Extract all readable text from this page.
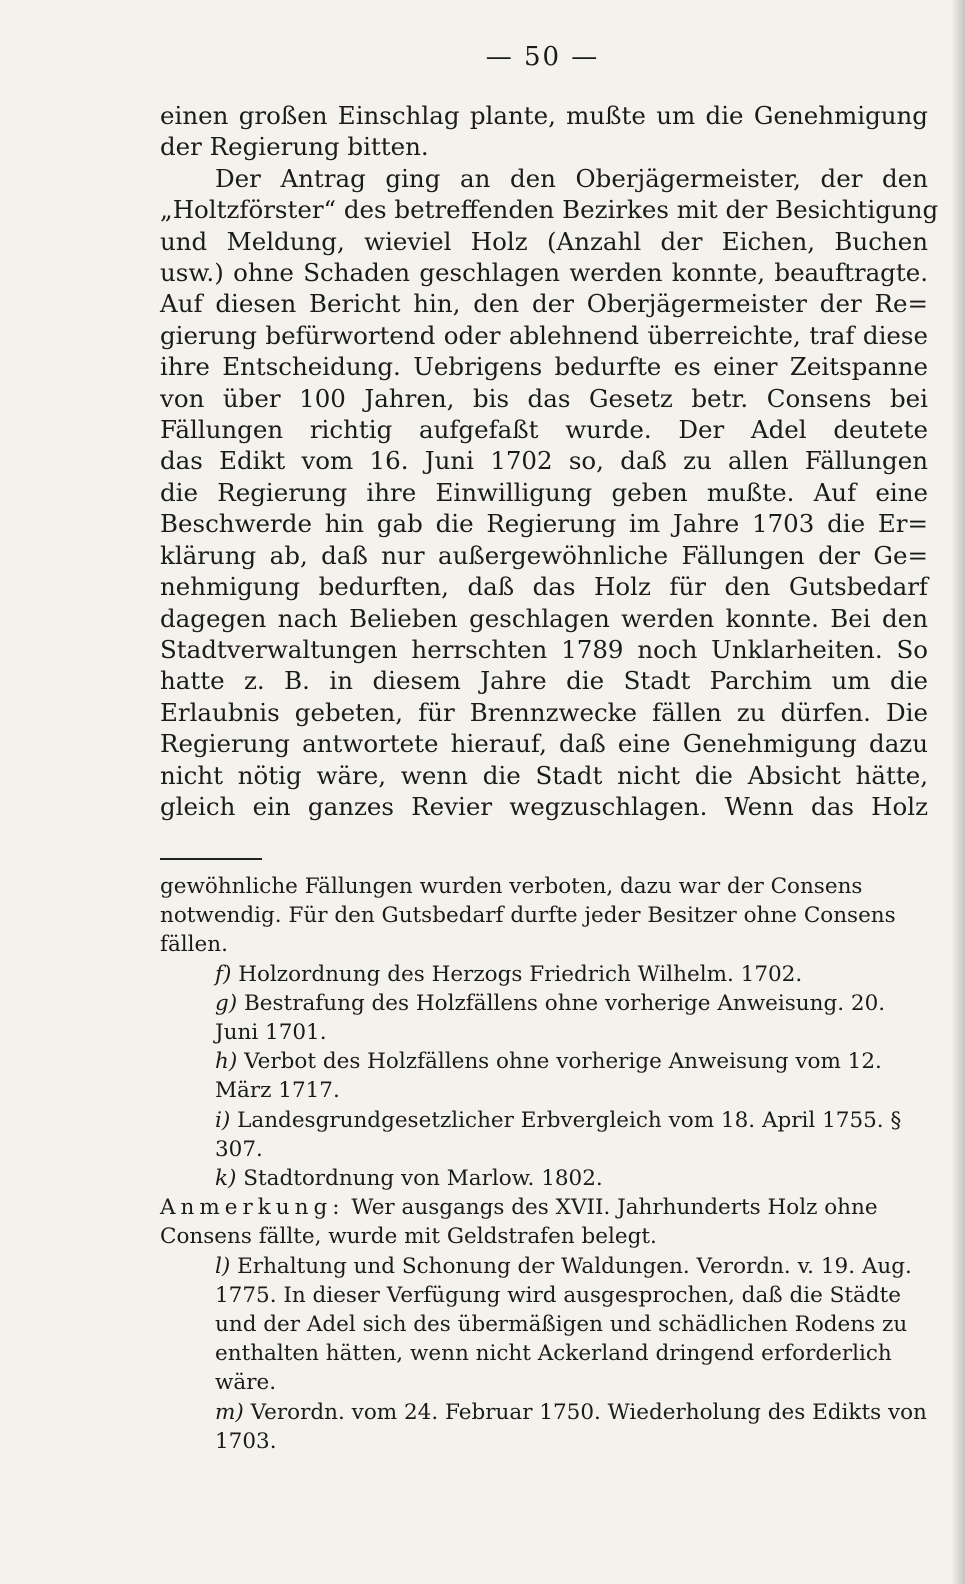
— 50 —
einen großen Einschlag plante, mußte um die Genehmigung
der Regierung bitten.
Der Antrag ging an den Oberjägermeister, der den
„Holtzförster“ des betreffenden Bezirkes mit der Besichtigung
und Meldung, wieviel Holz (Anzahl der Eichen, Buchen
usw.) ohne Schaden geschlagen werden konnte, beauftragte.
Auf diesen Bericht hin, den der Oberjägermeister der Re=
gierung befürwortend oder ablehnend überreichte, traf diese
ihre Entscheidung. Uebrigens bedurfte es einer Zeitspanne
von über 100 Jahren, bis das Gesetz betr. Consens bei
Fällungen richtig aufgefaßt wurde. Der Adel deutete
das Edikt vom 16. Juni 1702 so, daß zu allen Fällungen
die Regierung ihre Einwilligung geben mußte. Auf eine
Beschwerde hin gab die Regierung im Jahre 1703 die Er=
klärung ab, daß nur außergewöhnliche Fällungen der Ge=
nehmigung bedurften, daß das Holz für den Gutsbedarf
dagegen nach Belieben geschlagen werden konnte. Bei den
Stadtverwaltungen herrschten 1789 noch Unklarheiten. So
hatte z. B. in diesem Jahre die Stadt Parchim um die
Erlaubnis gebeten, für Brennzwecke fällen zu dürfen. Die
Regierung antwortete hierauf, daß eine Genehmigung dazu
nicht nötig wäre, wenn die Stadt nicht die Absicht hätte,
gleich ein ganzes Revier wegzuschlagen. Wenn das Holz
gewöhnliche Fällungen wurden verboten, dazu war der Consens notwendig. Für den Gutsbedarf durfte jeder Besitzer ohne Consens fällen.
f) Holzordnung des Herzogs Friedrich Wilhelm. 1702.
g) Bestrafung des Holzfällens ohne vorherige Anweisung. 20. Juni 1701.
h) Verbot des Holzfällens ohne vorherige Anweisung vom 12. März 1717.
i) Landesgrundgesetzlicher Erbvergleich vom 18. April 1755. § 307.
k) Stadtordnung von Marlow. 1802.
Anmerkung: Wer ausgangs des XVII. Jahrhunderts Holz ohne Consens fällte, wurde mit Geldstrafen belegt.
l) Erhaltung und Schonung der Waldungen. Verordn. v. 19. Aug. 1775. In dieser Verfügung wird ausgesprochen, daß die Städte und der Adel sich des übermäßigen und schädlichen Rodens zu enthalten hätten, wenn nicht Ackerland dringend erforderlich wäre.
m) Verordn. vom 24. Februar 1750. Wiederholung des Edikts von 1703.
